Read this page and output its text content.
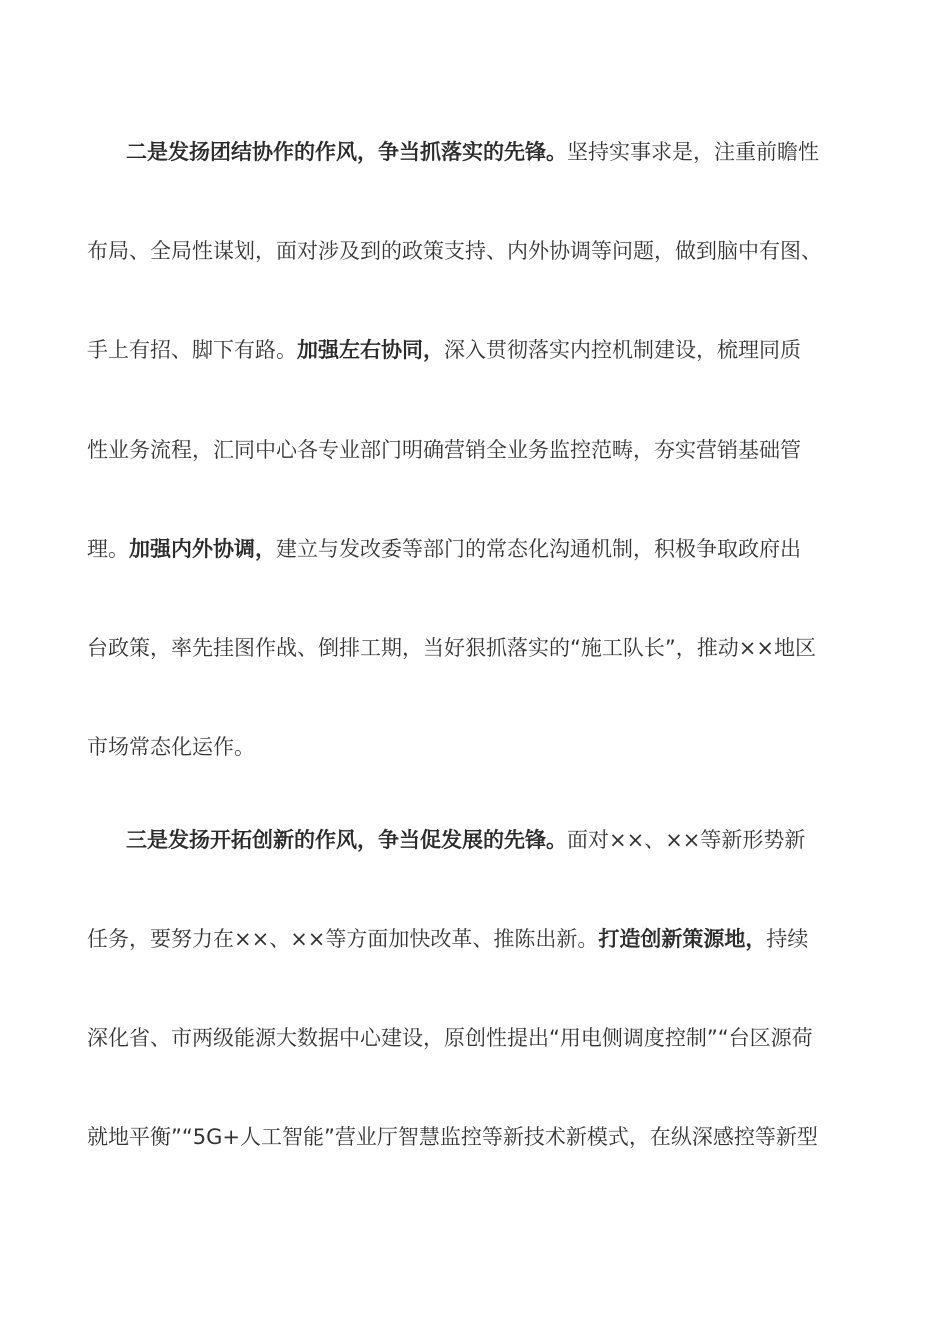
二是发扬团结协作的作风，争当抓落实的先锋。坚持实事求是，注重前瞻性
布局、全局性谋划，面对涉及到的政策支持、内外协调等问题，做到脑中有图、
手上有招、脚下有路。加强左右协同，深入贯彻落实内控机制建设，梳理同质
性业务流程，汇同中心各专业部门明确营销全业务监控范畴，夯实营销基础管
理。加强内外协调，建立与发改委等部门的常态化沟通机制，积极争取政府出
台政策，率先挂图作战、倒排工期，当好狠抓落实的“施工队长”，推动××地区
市场常态化运作。
三是发扬开拓创新的作风，争当促发展的先锋。面对××、××等新形势新
任务，要努力在××、××等方面加快改革、推陈出新。打造创新策源地，持续
深化省、市两级能源大数据中心建设，原创性提出“用电侧调度控制”“台区源荷
就地平衡”“5G+人工智能”营业厅智慧监控等新技术新模式，在纵深感控等新型
